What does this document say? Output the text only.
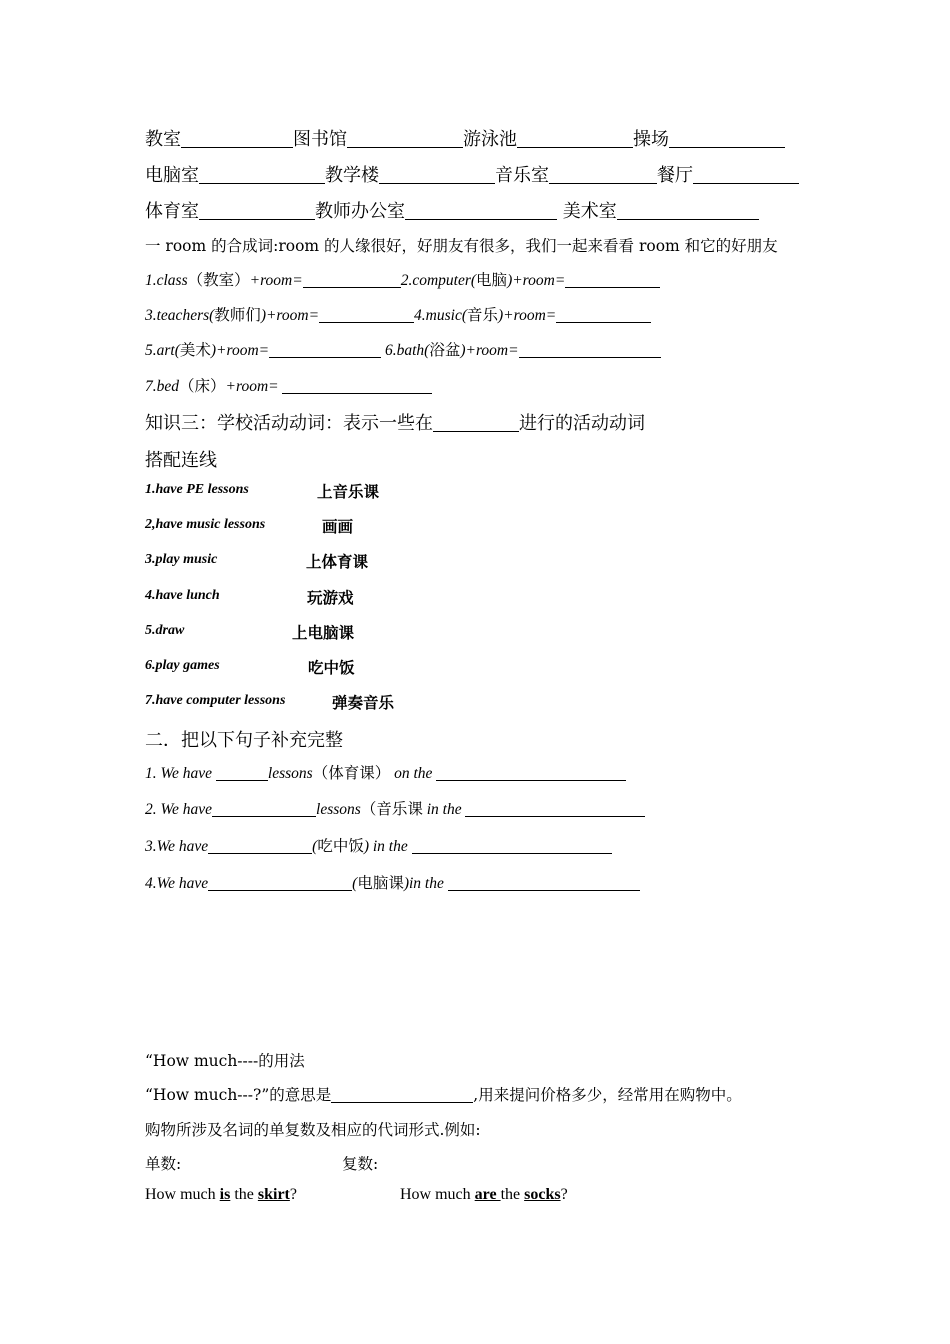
教室	图书馆	游泳池	操场
电脑室	教学楼	音乐室	餐厅
体育室	教师办公室	美术室
一 room 的合成词:room 的人缘很好，好朋友有很多，我们一起来看看 room 和它的好朋友
1.class（教室）+room=	2.computer(电脑)+room=
3.teachers(教师们)+room=	4.music(音乐)+room=
5.art(美术)+room=	6.bath(浴盆)+room=
7.bed（床）+room=
知识三：学校活动动词：表示一些在	进行的活动动词
搭配连线
1.have PE lessons	上音乐课
2,have music lessons	画画
3.play music	上体育课
4.have lunch	玩游戏
5.draw	上电脑课
6.play games	吃中饭
7.have computer lessons	弹奏音乐
二．把以下句子补充完整
1. We have	lessons（体育课） on the
2. We have	lessons（音乐课 in the
3.We have	(吃中饭) in the
4.We have	(电脑课)in the
“How much----的用法
“How much---?”的意思是	,用来提问价格多少，经常用在购物中。
购物所涉及名词的单复数及相应的代词形式.例如:
单数:	复数:
How much is the skirt?	How much are the socks?
